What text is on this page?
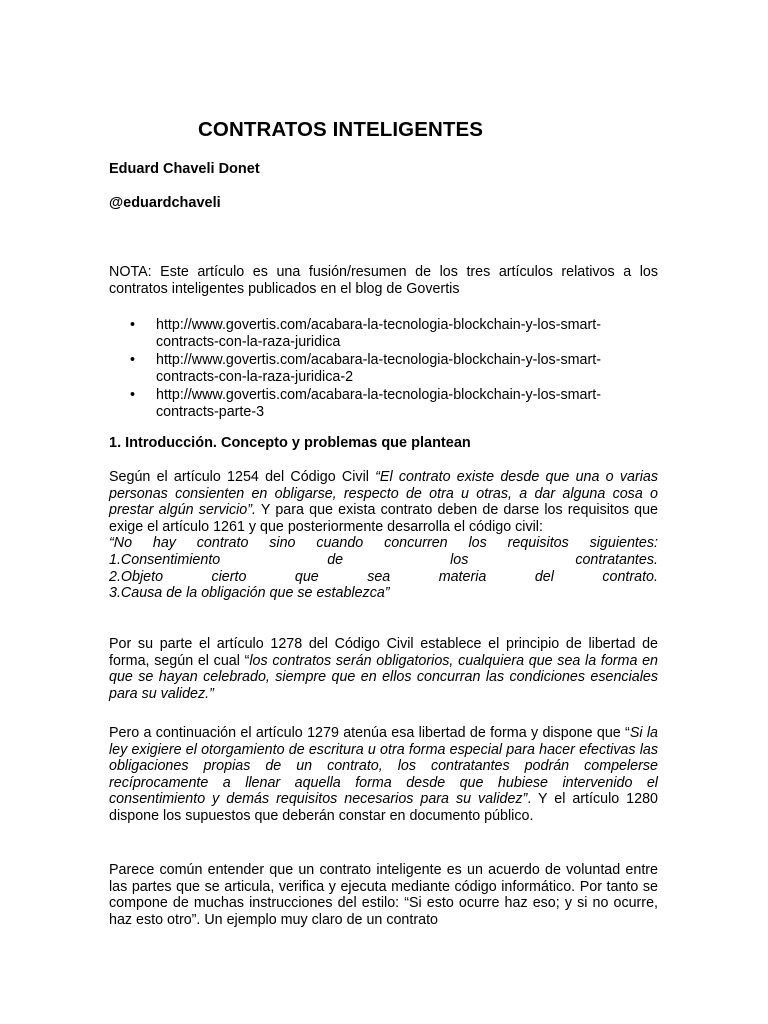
CONTRATOS INTELIGENTES

Eduard Chaveli Donet

@eduardchaveli

NOTA: Este artículo es una fusión/resumen de los tres artículos relativos a los contratos inteligentes publicados en el blog de Govertis

• http://www.govertis.com/acabara-la-tecnologia-blockchain-y-los-smart-contracts-con-la-raza-juridica
• http://www.govertis.com/acabara-la-tecnologia-blockchain-y-los-smart-contracts-con-la-raza-juridica-2
• http://www.govertis.com/acabara-la-tecnologia-blockchain-y-los-smart-contracts-parte-3
1. Introducción. Concepto y problemas que plantean

Según el artículo 1254 del Código Civil “El contrato existe desde que una o varias personas consienten en obligarse, respecto de otra u otras, a dar alguna cosa o prestar algún servicio”. Y para que exista contrato deben de darse los requisitos que exige el artículo 1261 y que posteriormente desarrolla el código civil:

“No hay contrato sino cuando concurren los requisitos siguientes:
1.Consentimiento	de	los	contratantes.
2.Objeto	cierto	que	sea	materia	del	contrato.

3.Causa de la obligación que se establezca”

Por su parte el artículo 1278 del Código Civil establece el principio de libertad de forma, según el cual “los contratos serán obligatorios, cualquiera que sea la forma en que se hayan celebrado, siempre que en ellos concurran las condiciones esenciales para su validez.”

Pero a continuación el artículo 1279 atenúa esa libertad de forma y dispone que “Si la ley exigiere el otorgamiento de escritura u otra forma especial para hacer efectivas las obligaciones propias de un contrato, los contratantes podrán compelerse recíprocamente a llenar aquella forma desde que hubiese intervenido el consentimiento y demás requisitos necesarios para su validez”. Y el artículo 1280 dispone los supuestos que deberán constar en documento público.

Parece común entender que un contrato inteligente es un acuerdo de voluntad entre las partes que se articula, verifica y ejecuta mediante código informático. Por tanto se compone de muchas instrucciones del estilo: “Si esto ocurre haz eso; y si no ocurre, haz esto otro”. Un ejemplo muy claro de un contrato
